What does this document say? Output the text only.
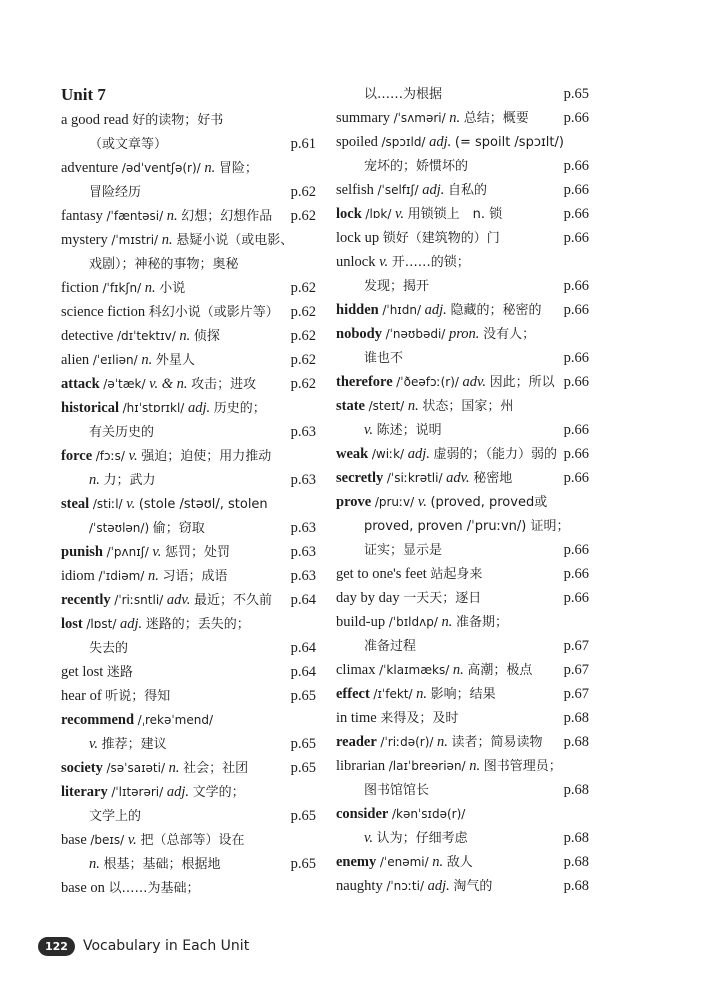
Unit 7
a good read 好的读物；好书
（或文章等）	p.61
adventure /ədˈventʃə(r)/ n. 冒险；
冒险经历	p.62
fantasy /ˈfæntəsi/ n. 幻想；幻想作品 p.62
mystery /ˈmɪstri/ n. 悬疑小说（或电影、
戏剧）；神秘的事物；奥秘
fiction /ˈfɪkʃn/ n. 小说	p.62
science fiction 科幻小说（或影片等） p.62
detective /dɪˈtektɪv/ n. 侦探	p.62
alien /ˈeɪliən/ n. 外星人	p.62
attack /əˈtæk/ v. & n. 攻击；进攻 p.62
historical /hɪˈstɒrɪkl/ adj. 历史的；
有关历史的	p.63
force /fɔːs/ v. 强迫；迫使；用力推动
n. 力；武力	p.63
steal /stiːl/ v. (stole /stəʊl/, stolen
/ˈstəʊlən/) 偷；窃取	p.63
punish /ˈpʌnɪʃ/ v. 惩罚；处罚	p.63
idiom /ˈɪdiəm/ n. 习语；成语	p.63
recently /ˈriːsntli/ adv. 最近；不久前 p.64
lost /lɒst/ adj. 迷路的；丢失的；
失去的	p.64
get lost 迷路	p.64
hear of 听说；得知	p.65
recommend /ˌrekəˈmend/
v. 推荐；建议	p.65
society /səˈsaɪəti/ n. 社会；社团	p.65
literary /ˈlɪtərəri/ adj. 文学的；
文学上的	p.65
base /beɪs/ v. 把（总部等）设在
n. 根基；基础；根据地	p.65
base on 以……为基础；
以……为根据	p.65
summary /ˈsʌməri/ n. 总结；概要 p.66
spoiled /spɔɪld/ adj. (= spoilt /spɔɪlt/)
宠坏的；娇惯坏的	p.66
selfish /ˈselfɪʃ/ adj. 自私的	p.66
lock /lɒk/ v. 用锁锁上　n. 锁	p.66
lock up 锁好（建筑物的）门	p.66
unlock v. 开……的锁；
发现；揭开	p.66
hidden /ˈhɪdn/ adj. 隐藏的；秘密的 p.66
nobody /ˈnəʊbədi/ pron. 没有人；
谁也不	p.66
therefore /ˈðeəfɔː(r)/ adv. 因此；所以 p.66
state /steɪt/ n. 状态；国家；州
v. 陈述；说明	p.66
weak /wiːk/ adj. 虚弱的；（能力）弱的 p.66
secretly /ˈsiːkrətli/ adv. 秘密地	p.66
prove /pruːv/ v. (proved, proved或
proved, proven /ˈpruːvn/) 证明；
证实；显示是	p.66
get to one's feet 站起身来	p.66
day by day 一天天；逐日	p.66
build-up /ˈbɪldʌp/ n. 准备期；
准备过程	p.67
climax /ˈklaɪmæks/ n. 高潮；极点 p.67
effect /ɪˈfekt/ n. 影响；结果	p.67
in time 来得及；及时	p.68
reader /ˈriːdə(r)/ n. 读者；简易读物 p.68
librarian /laɪˈbreəriən/ n. 图书管理员；
图书馆馆长	p.68
consider /kənˈsɪdə(r)/
v. 认为；仔细考虑	p.68
enemy /ˈenəmi/ n. 敌人	p.68
naughty /ˈnɔːti/ adj. 淘气的	p.68
122	Vocabulary in Each Unit
